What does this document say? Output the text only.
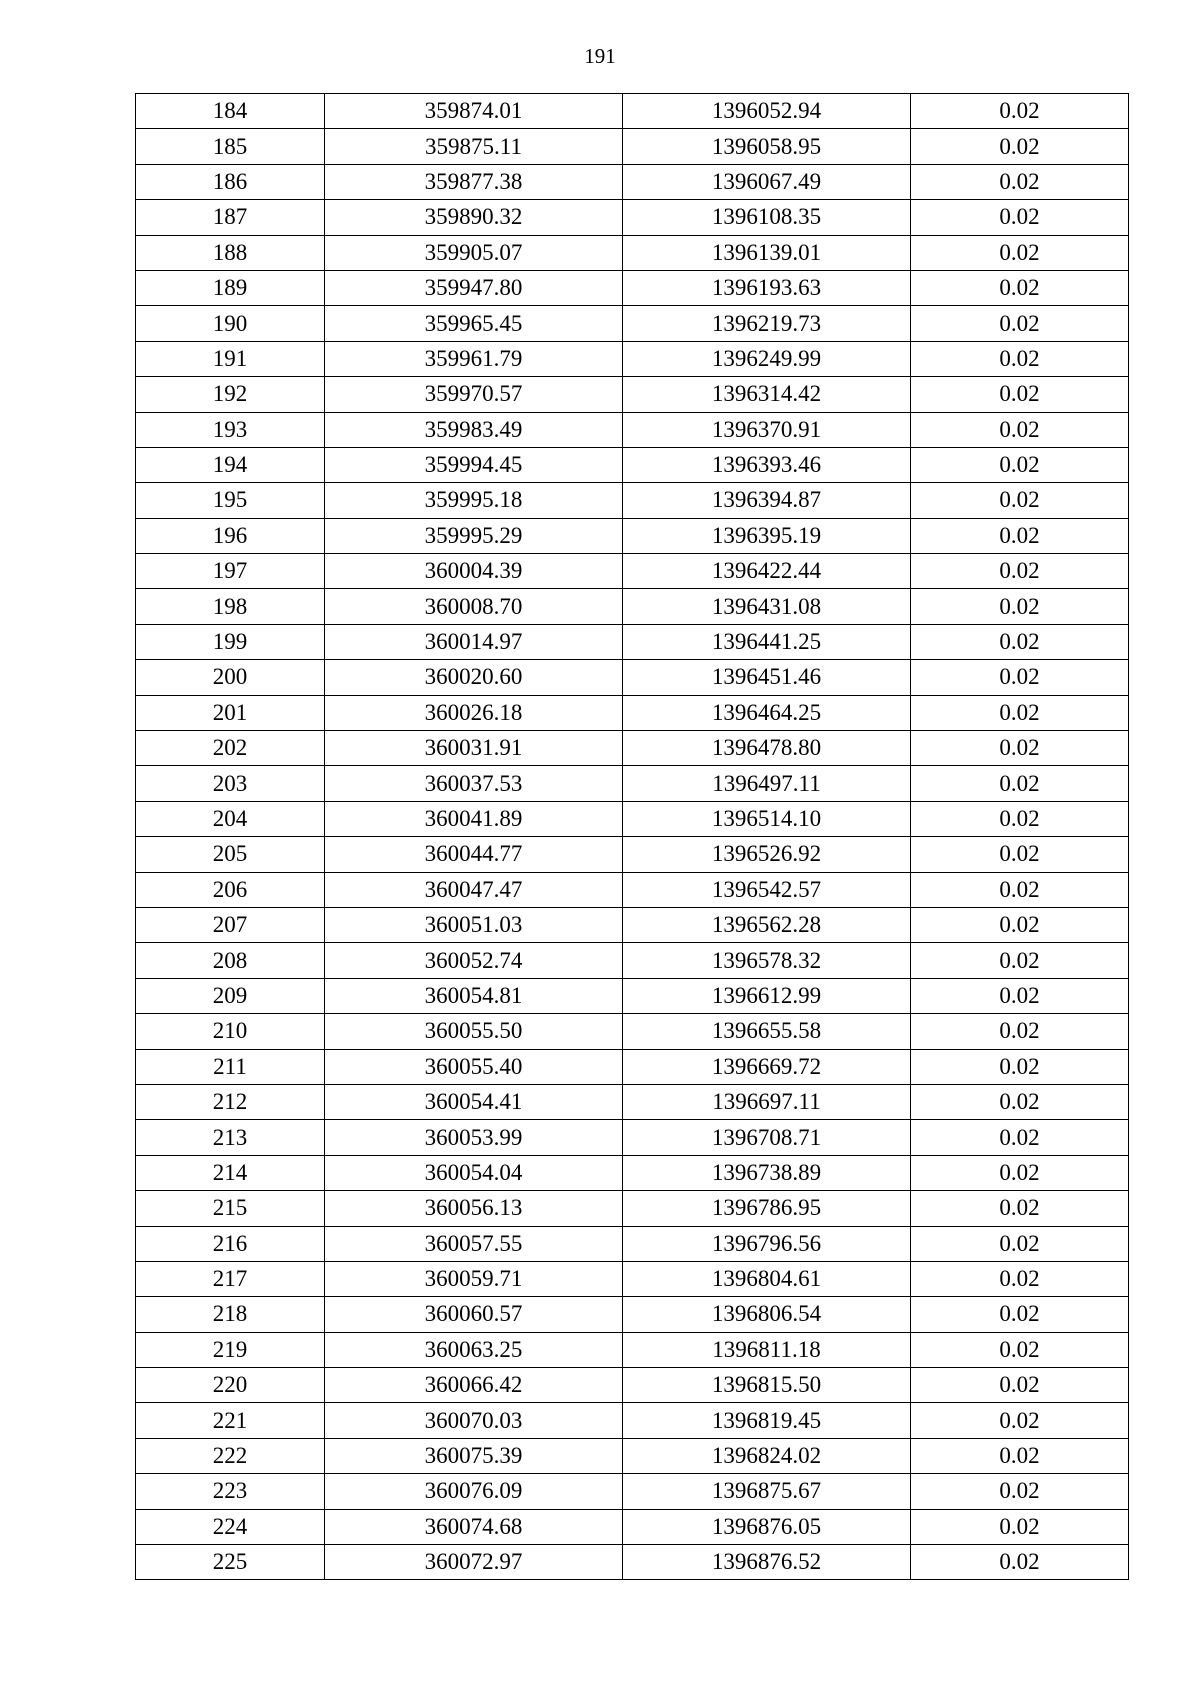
191
184	359874.01	1396052.94	0.02
185	359875.11	1396058.95	0.02
186	359877.38	1396067.49	0.02
187	359890.32	1396108.35	0.02
188	359905.07	1396139.01	0.02
189	359947.80	1396193.63	0.02
190	359965.45	1396219.73	0.02
191	359961.79	1396249.99	0.02
192	359970.57	1396314.42	0.02
193	359983.49	1396370.91	0.02
194	359994.45	1396393.46	0.02
195	359995.18	1396394.87	0.02
196	359995.29	1396395.19	0.02
197	360004.39	1396422.44	0.02
198	360008.70	1396431.08	0.02
199	360014.97	1396441.25	0.02
200	360020.60	1396451.46	0.02
201	360026.18	1396464.25	0.02
202	360031.91	1396478.80	0.02
203	360037.53	1396497.11	0.02
204	360041.89	1396514.10	0.02
205	360044.77	1396526.92	0.02
206	360047.47	1396542.57	0.02
207	360051.03	1396562.28	0.02
208	360052.74	1396578.32	0.02
209	360054.81	1396612.99	0.02
210	360055.50	1396655.58	0.02
211	360055.40	1396669.72	0.02
212	360054.41	1396697.11	0.02
213	360053.99	1396708.71	0.02
214	360054.04	1396738.89	0.02
215	360056.13	1396786.95	0.02
216	360057.55	1396796.56	0.02
217	360059.71	1396804.61	0.02
218	360060.57	1396806.54	0.02
219	360063.25	1396811.18	0.02
220	360066.42	1396815.50	0.02
221	360070.03	1396819.45	0.02
222	360075.39	1396824.02	0.02
223	360076.09	1396875.67	0.02
224	360074.68	1396876.05	0.02
225	360072.97	1396876.52	0.02
